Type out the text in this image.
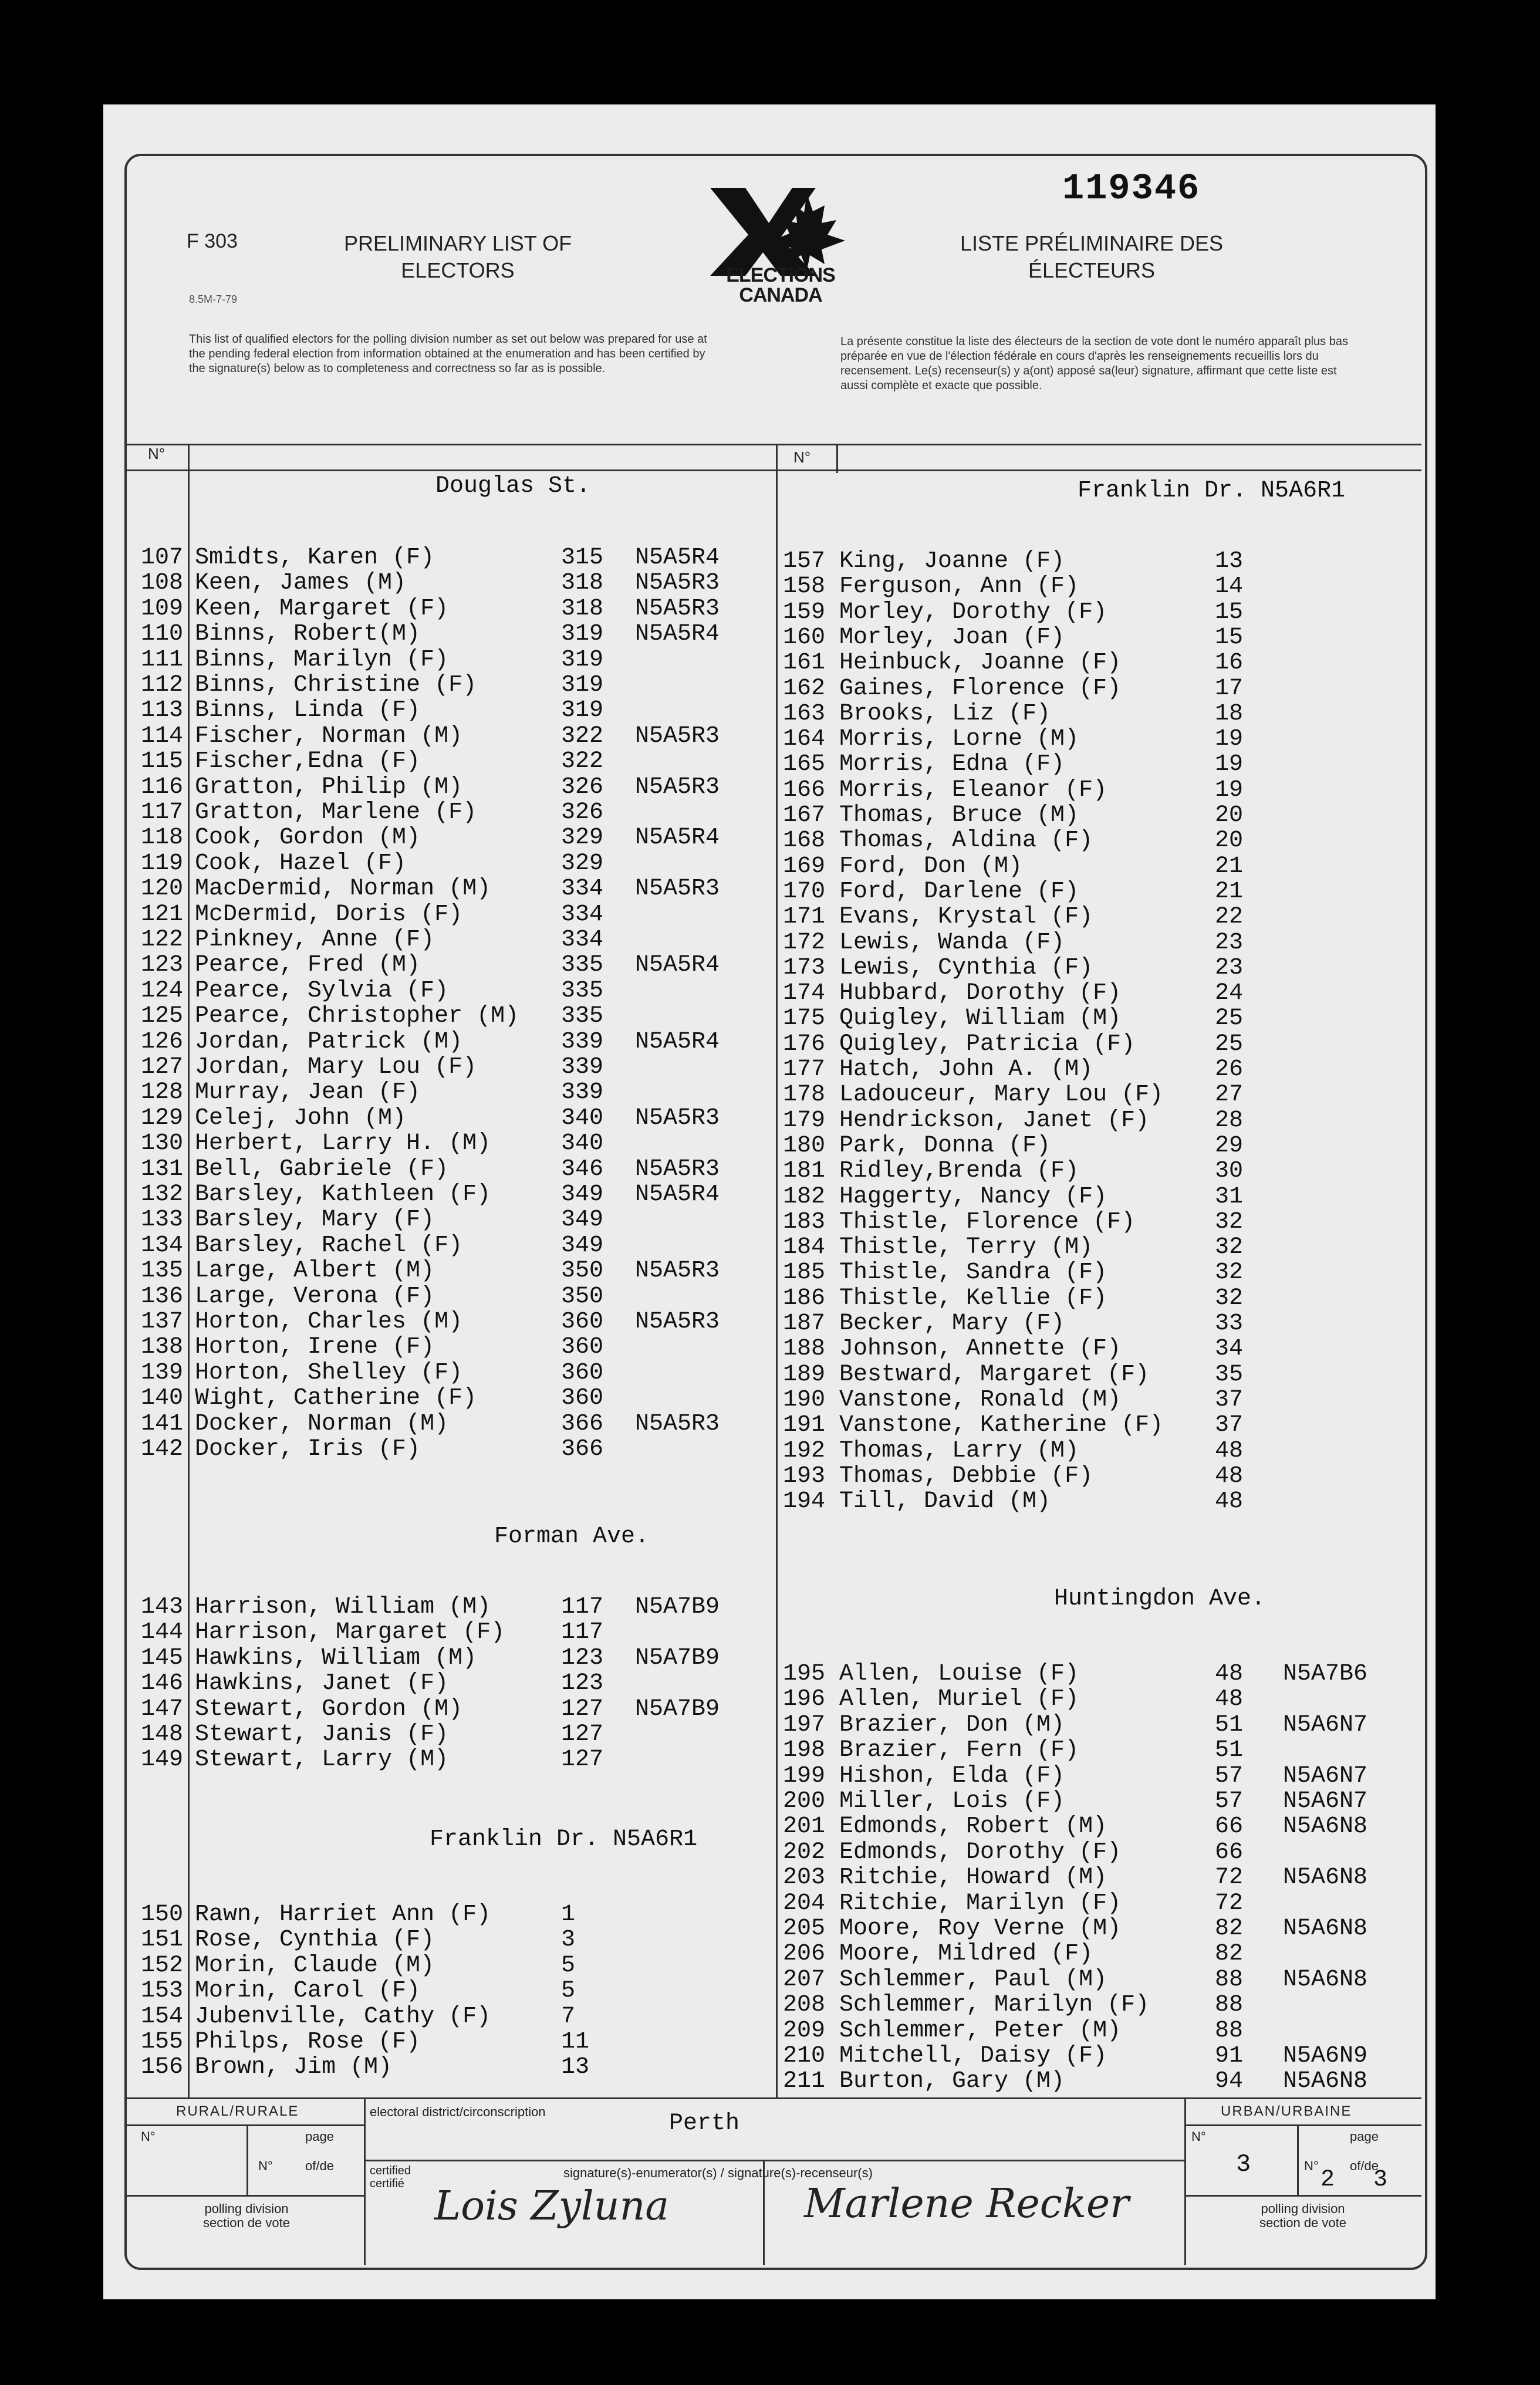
119346
F 303
8.5M-7-79
PRELIMINARY LIST OF
ELECTORS
LISTE PRÉLIMINAIRE DES
ÉLECTEURS
ELECTIONS
CANADA
This list of qualified electors for the polling division number as set out below was prepared for use at the pending federal election from information obtained at the enumeration and has been certified by the signature(s) below as to completeness and correctness so far as is possible.
La présente constitue la liste des électeurs de la section de vote dont le numéro apparaît plus bas préparée en vue de l'élection fédérale en cours d'après les renseignements recueillis lors du recensement. Le(s) recenseur(s) y a(ont) apposé sa(leur) signature, affirmant que cette liste est aussi complète et exacte que possible.
N°	N°
Douglas St.
Forman Ave.
Franklin Dr. N5A6R1
Franklin Dr. N5A6R1
Huntingdon Ave.
107 Smidts, Karen (F)	315 N5A5R4
108 Keen, James (M)	318 N5A5R3
109 Keen, Margaret (F)	318 N5A5R3
110 Binns, Robert(M)	319 N5A5R4
111 Binns, Marilyn (F)	319
112 Binns, Christine (F)	319
113 Binns, Linda (F)	319
114 Fischer, Norman (M)	322 N5A5R3
115 Fischer,Edna (F)	322
116 Gratton, Philip (M)	326 N5A5R3
117 Gratton, Marlene (F)	326
118 Cook, Gordon (M)	329 N5A5R4
119 Cook, Hazel (F)	329
120 MacDermid, Norman (M)	334 N5A5R3
121 McDermid, Doris (F)	334
122 Pinkney, Anne (F)	334
123 Pearce, Fred (M)	335 N5A5R4
124 Pearce, Sylvia (F)	335
125 Pearce, Christopher (M) 335
126 Jordan, Patrick (M)	339 N5A5R4
127 Jordan, Mary Lou (F)	339
128 Murray, Jean (F)	339
129 Celej, John (M)	340 N5A5R3
130 Herbert, Larry H. (M)	340
131 Bell, Gabriele (F)	346 N5A5R3
132 Barsley, Kathleen (F)	349 N5A5R4
133 Barsley, Mary (F)	349
134 Barsley, Rachel (F)	349
135 Large, Albert (M)	350 N5A5R3
136 Large, Verona (F)	350
137 Horton, Charles (M)	360 N5A5R3
138 Horton, Irene (F)	360
139 Horton, Shelley (F)	360
140 Wight, Catherine (F)	360
141 Docker, Norman (M)	366 N5A5R3
142 Docker, Iris (F)	366
143 Harrison, William (M)	117 N5A7B9
144 Harrison, Margaret (F) 117
145 Hawkins, William (M)	123 N5A7B9
146 Hawkins, Janet (F)	123
147 Stewart, Gordon (M)	127 N5A7B9
148 Stewart, Janis (F)	127
149 Stewart, Larry (M)	127
150 Rawn, Harriet Ann (F)	1
151 Rose, Cynthia (F)	3
152 Morin, Claude (M)	5
153 Morin, Carol (F)	5
154 Jubenville, Cathy (F)	7
155 Philps, Rose (F)	11
156 Brown, Jim (M)	13
157 King, Joanne (F)	13
158 Ferguson, Ann (F)	14
159 Morley, Dorothy (F)	15
160 Morley, Joan (F)	15
161 Heinbuck, Joanne (F)	16
162 Gaines, Florence (F)	17
163 Brooks, Liz (F)	18
164 Morris, Lorne (M)	19
165 Morris, Edna (F)	19
166 Morris, Eleanor (F)	19
167 Thomas, Bruce (M)	20
168 Thomas, Aldina (F)	20
169 Ford, Don (M)	21
170 Ford, Darlene (F)	21
171 Evans, Krystal (F)	22
172 Lewis, Wanda (F)	23
173 Lewis, Cynthia (F)	23
174 Hubbard, Dorothy (F)	24
175 Quigley, William (M)	25
176 Quigley, Patricia (F)	25
177 Hatch, John A. (M)	26
178 Ladouceur, Mary Lou (F) 27
179 Hendrickson, Janet (F)	28
180 Park, Donna (F)	29
181 Ridley,Brenda (F)	30
182 Haggerty, Nancy (F)	31
183 Thistle, Florence (F)	32
184 Thistle, Terry (M)	32
185 Thistle, Sandra (F)	32
186 Thistle, Kellie (F)	32
187 Becker, Mary (F)	33
188 Johnson, Annette (F)	34
189 Bestward, Margaret (F)	35
190 Vanstone, Ronald (M)	37
191 Vanstone, Katherine (F) 37
192 Thomas, Larry (M)	48
193 Thomas, Debbie (F)	48
194 Till, David (M)	48
195 Allen, Louise (F)	48 N5A7B6
196 Allen, Muriel (F)	48
197 Brazier, Don (M)	51 N5A6N7
198 Brazier, Fern (F)	51
199 Hishon, Elda (F)	57 N5A6N7
200 Miller, Lois (F)	57 N5A6N7
201 Edmonds, Robert (M)	66 N5A6N8
202 Edmonds, Dorothy (F)	66
203 Ritchie, Howard (M)	72 N5A6N8
204 Ritchie, Marilyn (F)	72
205 Moore, Roy Verne (M)	82 N5A6N8
206 Moore, Mildred (F)	82
207 Schlemmer, Paul (M)	88 N5A6N8
208 Schlemmer, Marilyn (F)	88
209 Schlemmer, Peter (M)	88
210 Mitchell, Daisy (F)	91 N5A6N9
211 Burton, Gary (M)	94 N5A6N8
RURAL/RURALE	URBAN/URBAINE
N°	page
N°	of/de
N°	page
N° of/de
electoral district/circonscription	Perth
certified
certifié
signature(s)-enumerator(s) / signature(s)-recenseur(s)
polling division
section de vote
polling division
section de vote
3
2 3
Lois Zyluna	Marlene Recker
